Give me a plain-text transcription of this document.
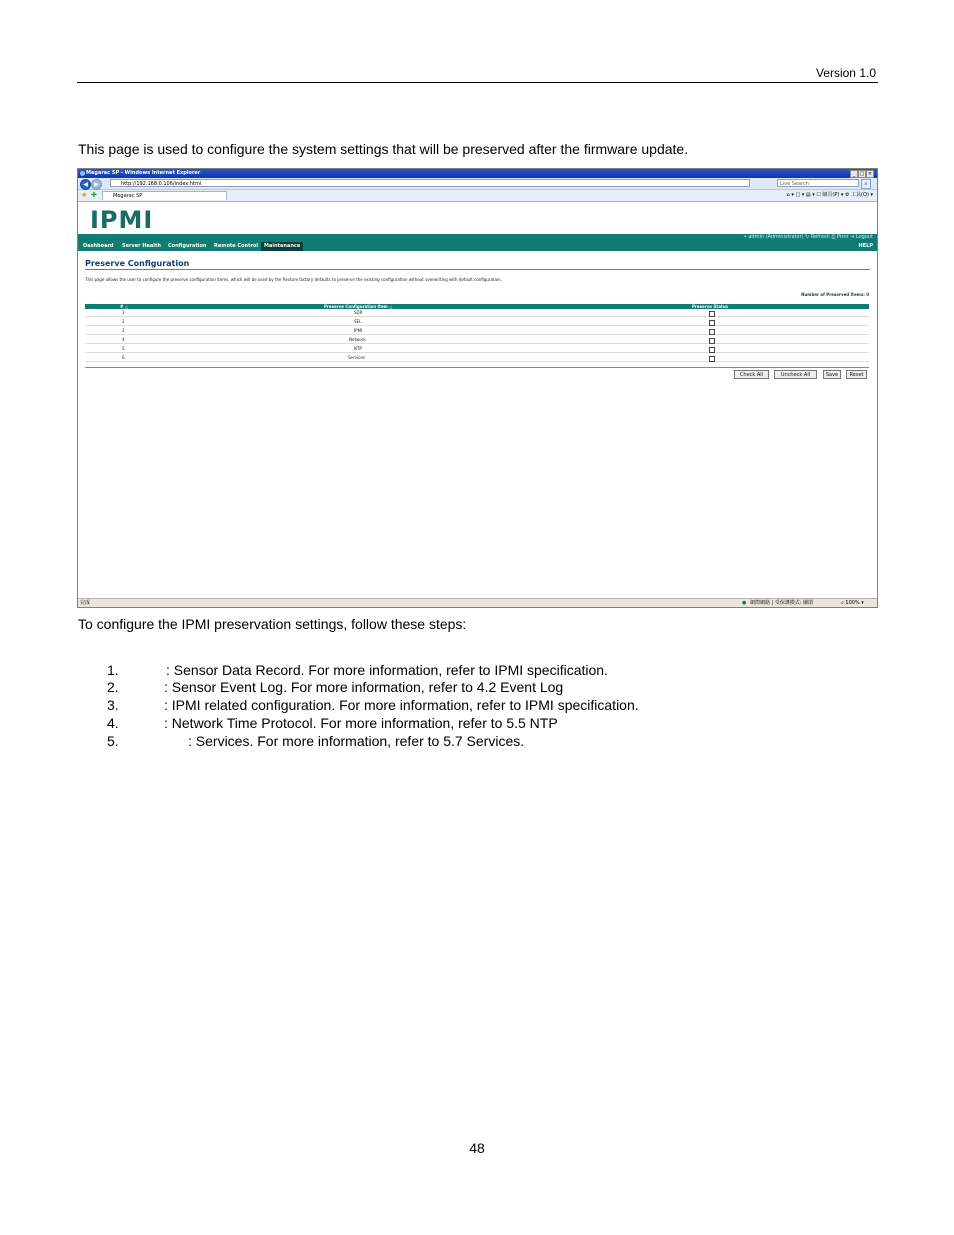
Version 1.0
This page is used to configure the system settings that will be preserved after the firmware update.
Megarac SP - Windows Internet Explorer	_ □ ×
◀	▶	http://192.168.0.106/index.html	Live Search	⌕
★ ✚	Megarac SP	⌂ ▾ □ ▾ ▤ ▾ ☐ 網頁(P) ▾ ⚙ 工具(O) ▾
IPMI
• admin (Administrator) ↻ Refresh ⎙ Print ⇥ Logout
Dashboard	Server Health	Configuration	Remote Control	Maintenance	HELP
Preserve Configuration
This page allows the user to configure the preserve configuration items, which will be used by the Restore factory defaults to preserve the existing configuration without overwriting with default configuration.
Number of Preserved Items: 0
# △	Preserve Configuration Item △	Preserve Status
1	SDR
2	SEL
3	IPMI
4	Network
5	NTP
6	Services
Check All	Uncheck All	Save	Reset
完成	● 網際網路 | 受保護模式: 關閉	⌕ 100% ▾
To configure the IPMI preservation settings, follow these steps:
1.	: Sensor Data Record. For more information, refer to IPMI specification.
2.	: Sensor Event Log. For more information, refer to 4.2 Event Log
3.	: IPMI related configuration. For more information, refer to IPMI specification.
4.	: Network Time Protocol. For more information, refer to 5.5 NTP
5.	: Services. For more information, refer to 5.7 Services.
48
